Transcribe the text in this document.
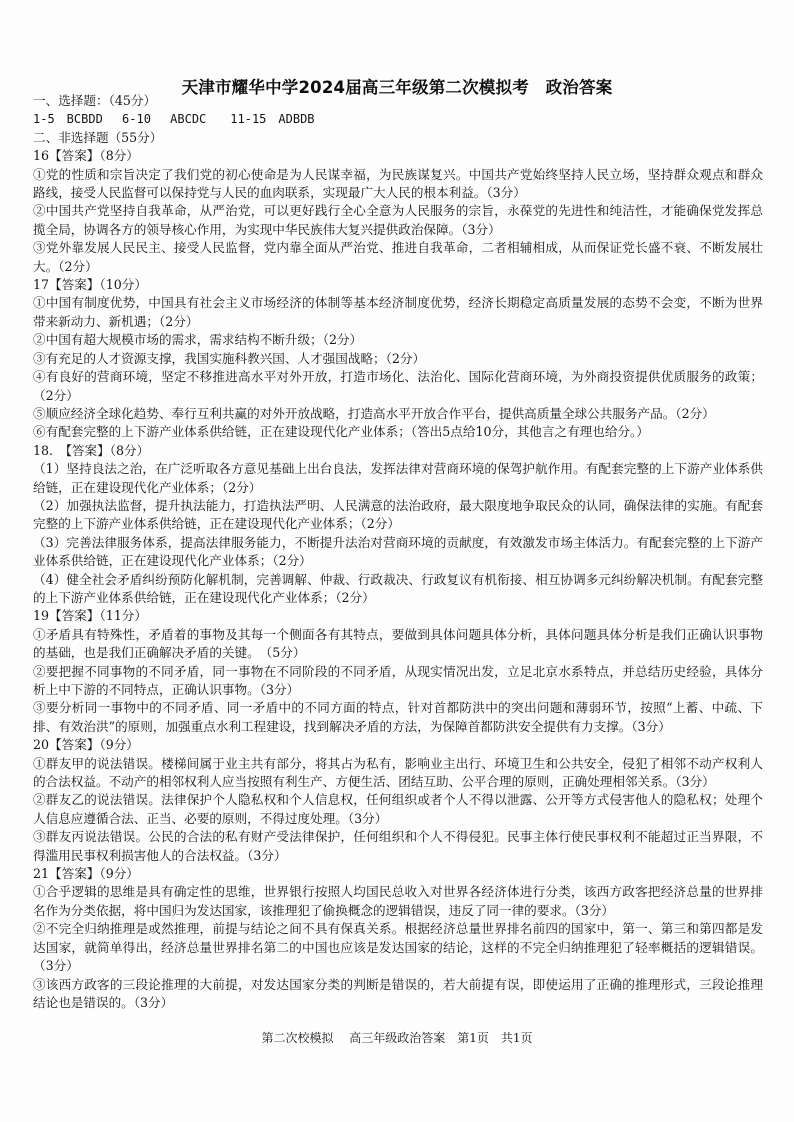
天津市耀华中学2024届高三年级第二次模拟考　政治答案

一、选择题：（45分）

1-5　BCBDD　 6-10　 ABCDC　　11-15　ADBDB

二、非选择题（55分）

16【答案】（8分）

①党的性质和宗旨决定了我们党的初心使命是为人民谋幸福，为民族谋复兴。中国共产党始终坚持人民立场，坚持群众观点和群众路线，接受人民监督可以保持党与人民的血肉联系，实现最广大人民的根本利益。（3分）

②中国共产党坚持自我革命，从严治党，可以更好践行全心全意为人民服务的宗旨，永葆党的先进性和纯洁性，才能确保党发挥总揽全局，协调各方的领导核心作用，为实现中华民族伟大复兴提供政治保障。（3分）

③党外靠发展人民民主、接受人民监督，党内靠全面从严治党、推进自我革命，二者相辅相成，从而保证党长盛不衰、不断发展壮大。（2分）

17【答案】（10分）

①中国有制度优势，中国具有社会主义市场经济的体制等基本经济制度优势，经济长期稳定高质量发展的态势不会变，不断为世界带来新动力、新机遇；（2分）

②中国有超大规模市场的需求，需求结构不断升级；（2分）

③有充足的人才资源支撑，我国实施科教兴国、人才强国战略；（2分）

④有良好的营商环境，坚定不移推进高水平对外开放，打造市场化、法治化、国际化营商环境，为外商投资提供优质服务的政策；（2分）

⑤顺应经济全球化趋势、奉行互利共赢的对外开放战略，打造高水平开放合作平台，提供高质量全球公共服务产品。（2分）

⑥有配套完整的上下游产业体系供给链，正在建设现代化产业体系；（答出5点给10分，其他言之有理也给分。）

18.　【答案】（8分）

（1）坚持良法之治，在广泛听取各方意见基础上出台良法，发挥法律对营商环境的保驾护航作用。有配套完整的上下游产业体系供给链，正在建设现代化产业体系；（2分）

（2）加强执法监督，提升执法能力，打造执法严明、人民满意的法治政府，最大限度地争取民众的认同，确保法律的实施。有配套完整的上下游产业体系供给链，正在建设现代化产业体系；（2分）

（3）完善法律服务体系，提高法律服务能力，不断提升法治对营商环境的贡献度，有效激发市场主体活力。有配套完整的上下游产业体系供给链，正在建设现代化产业体系；（2分）

（4）健全社会矛盾纠纷预防化解机制，完善调解、仲裁、行政裁决、行政复议有机衔接、相互协调多元纠纷解决机制。有配套完整的上下游产业体系供给链，正在建设现代化产业体系；（2分）

19【答案】（11分）

①矛盾具有特殊性，矛盾着的事物及其每一个侧面各有其特点，要做到具体问题具体分析，具体问题具体分析是我们正确认识事物的基础，也是我们正确解决矛盾的关键。　（5分）

②要把握不同事物的不同矛盾，同一事物在不同阶段的不同矛盾，从现实情况出发，立足北京水系特点，并总结历史经验，具体分析上中下游的不同特点，正确认识事物。（3分）

③要分析同一事物中的不同矛盾、同一矛盾中的不同方面的特点，针对首都防洪中的突出问题和薄弱环节，按照“上蓄、中疏、下排、有效治洪”的原则，加强重点水利工程建设，找到解决矛盾的方法，为保障首都防洪安全提供有力支撑。（3分）

20【答案】（9分）

①群友甲的说法错误。楼梯间属于业主共有部分，将其占为私有，影响业主出行、环境卫生和公共安全，侵犯了相邻不动产权利人的合法权益。不动产的相邻权利人应当按照有利生产、方便生活、团结互助、公平合理的原则，正确处理相邻关系。（3分）

②群友乙的说法错误。法律保护个人隐私权和个人信息权，任何组织或者个人不得以泄露、公开等方式侵害他人的隐私权；处理个人信息应遵循合法、正当、必要的原则，不得过度处理。（3分）

③群友丙说法错误。公民的合法的私有财产受法律保护，任何组织和个人不得侵犯。民事主体行使民事权利不能超过正当界限，不得滥用民事权利损害他人的合法权益。（3分）

21【答案】（9分）

①合乎逻辑的思维是具有确定性的思维，世界银行按照人均国民总收入对世界各经济体进行分类，该西方政客把经济总量的世界排名作为分类依据，将中国归为发达国家，该推理犯了偷换概念的逻辑错误，违反了同一律的要求。（3分）

②不完全归纳推理是或然推理，前提与结论之间不具有保真关系。根据经济总量世界排名前四的国家中，第一、第三和第四都是发达国家，就简单得出，经济总量世界排名第二的中国也应该是发达国家的结论，这样的不完全归纳推理犯了轻率概括的逻辑错误。（3分）

③该西方政客的三段论推理的大前提，对发达国家分类的判断是错误的，若大前提有误，即使运用了正确的推理形式，三段论推理结论也是错误的。（3分）

第二次校模拟　 高三年级政治答案　第1页　共1页
